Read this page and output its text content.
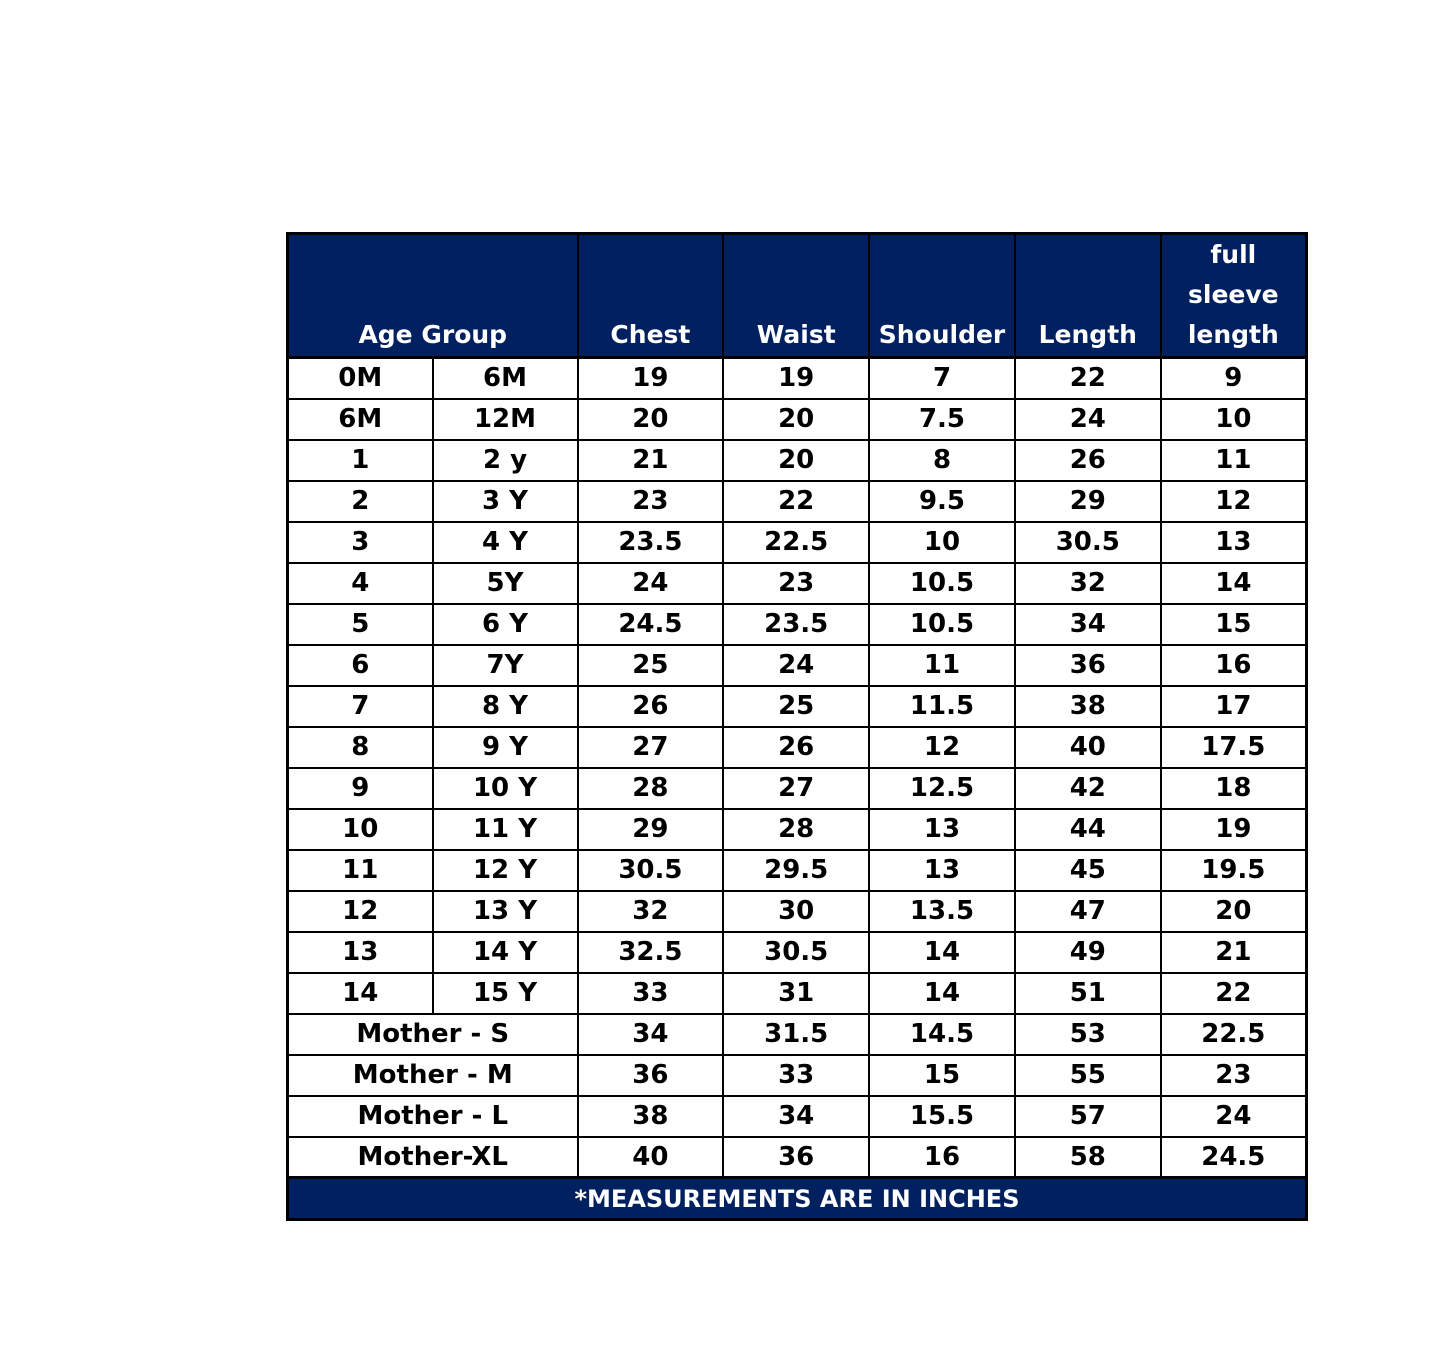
Age Group		Chest	Waist	Shoulder	Length	full sleeve
length

0M	6M	19	19	7	22	9
6M	12M	20	20	7.5	24	10
1	2 y	21	20	8	26	11
2	3 Y	23	22	9.5	29	12
3	4 Y	23.5	22.5	10	30.5	13
4	5Y	24	23	10.5	32	14
5	6 Y	24.5	23.5	10.5	34	15
6	7Y	25	24	11	36	16
7	8 Y	26	25	11.5	38	17
8	9 Y	27	26	12	40	17.5
9	10 Y	28	27	12.5	42	18
10	11 Y	29	28	13	44	19
11	12 Y	30.5	29.5	13	45	19.5
12	13 Y	32	30	13.5	47	20
13	14 Y	32.5	30.5	14	49	21
14	15 Y	33	31	14	51	22
Mother - S		34	31.5	14.5	53	22.5
Mother - M		36	33	15	55	23
Mother - L		38	34	15.5	57	24
Mother-XL		40	36	16	58	24.5
*MEASUREMENTS ARE IN INCHES						
